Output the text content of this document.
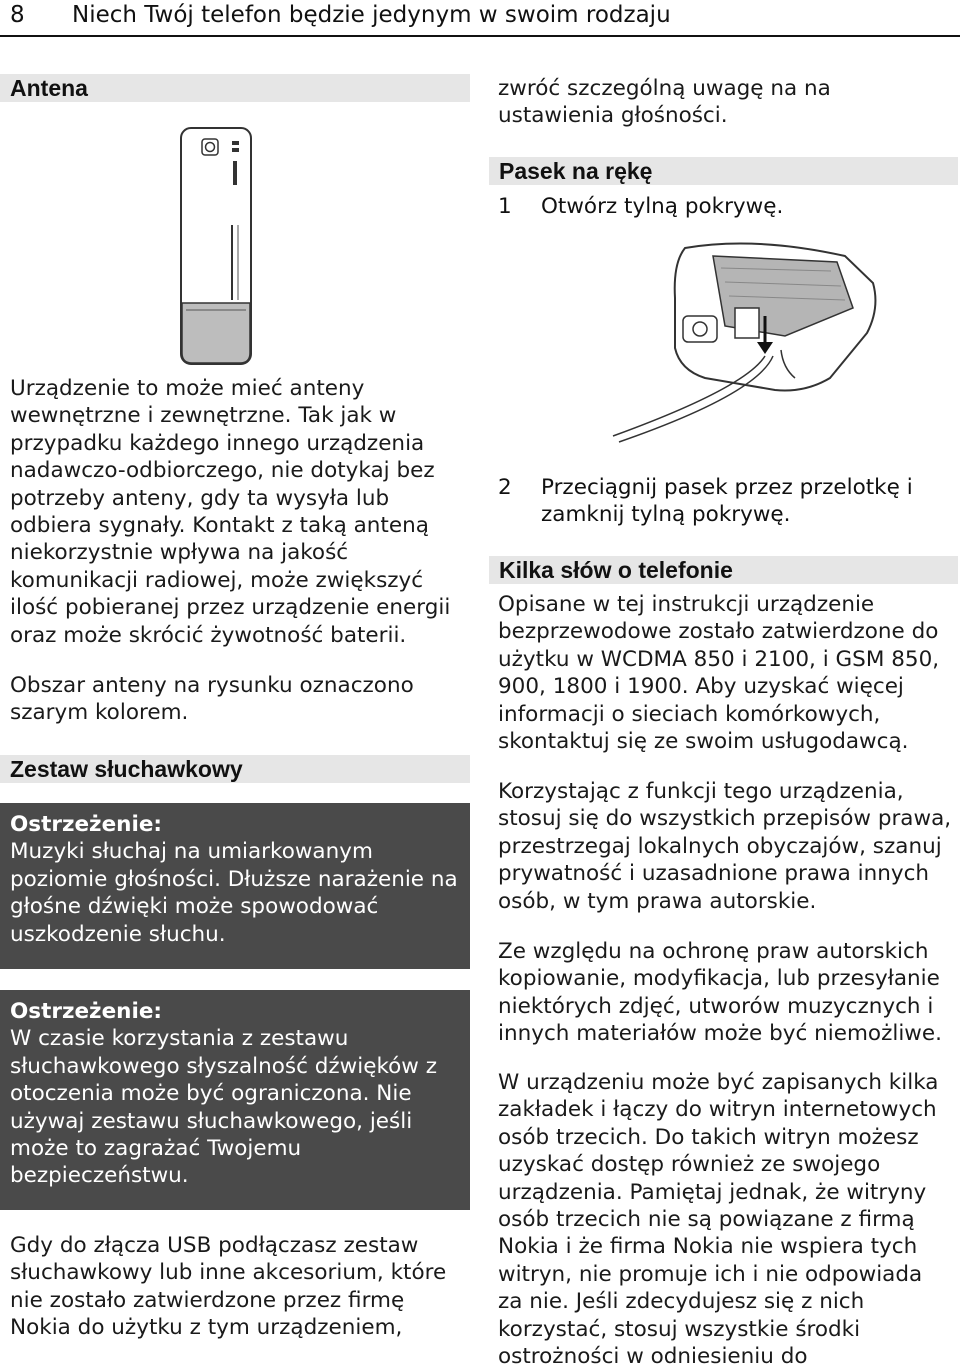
8 Niech Twój telefon będzie jedynym w swoim rodzaju
Antena
Urządzenie to może mieć anteny
wewnętrzne i zewnętrzne. Tak jak w
przypadku każdego innego urządzenia
nadawczo-odbiorczego, nie dotykaj bez
potrzeby anteny, gdy ta wysyła lub
odbiera sygnały. Kontakt z taką anteną
niekorzystnie wpływa na jakość
komunikacji radiowej, może zwiększyć
ilość pobieranej przez urządzenie energii
oraz może skrócić żywotność baterii.
Obszar anteny na rysunku oznaczono
szarym kolorem.
Zestaw słuchawkowy
Ostrzeżenie:
Muzyki słuchaj na umiarkowanym
poziomie głośności. Dłuższe narażenie na
głośne dźwięki może spowodować
uszkodzenie słuchu.
Ostrzeżenie:
W czasie korzystania z zestawu
słuchawkowego słyszalność dźwięków z
otoczenia może być ograniczona. Nie
używaj zestawu słuchawkowego, jeśli
może to zagrażać Twojemu
bezpieczeństwu.
Gdy do złącza USB podłączasz zestaw
słuchawkowy lub inne akcesorium, które
nie zostało zatwierdzone przez firmę
Nokia do użytku z tym urządzeniem,
zwróć szczególną uwagę na na
ustawienia głośności.
Pasek na rękę

1 Otwórz tylną pokrywę.

2 Przeciągnij pasek przez przelotkę i
zamknij tylną pokrywę.

Kilka słów o telefonie
Opisane w tej instrukcji urządzenie
bezprzewodowe zostało zatwierdzone do
użytku w WCDMA 850 i 2100, i GSM 850,
900, 1800 i 1900. Aby uzyskać więcej
informacji o sieciach komórkowych,
skontaktuj się ze swoim usługodawcą.
Korzystając z funkcji tego urządzenia,
stosuj się do wszystkich przepisów prawa,
przestrzegaj lokalnych obyczajów, szanuj
prywatność i uzasadnione prawa innych
osób, w tym prawa autorskie.
Ze względu na ochronę praw autorskich
kopiowanie, modyfikacja, lub przesyłanie
niektórych zdjęć, utworów muzycznych i
innych materiałów może być niemożliwe.
W urządzeniu może być zapisanych kilka
zakładek i łączy do witryn internetowych
osób trzecich. Do takich witryn możesz
uzyskać dostęp również ze swojego
urządzenia. Pamiętaj jednak, że witryny
osób trzecich nie są powiązane z firmą
Nokia i że firma Nokia nie wspiera tych
witryn, nie promuje ich i nie odpowiada
za nie. Jeśli zdecydujesz się z nich
korzystać, stosuj wszystkie środki
ostrożności w odniesieniu do
